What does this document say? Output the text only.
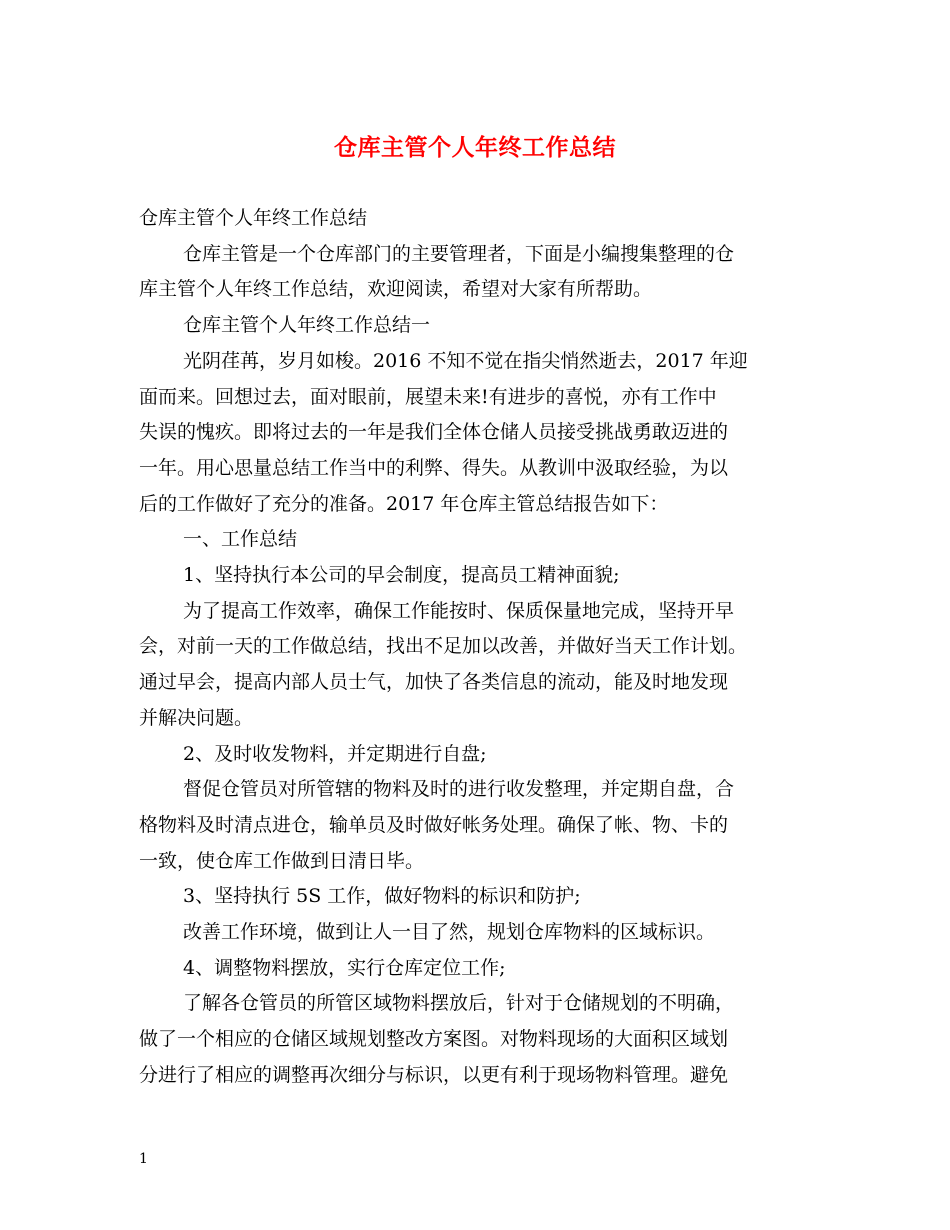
仓库主管个人年终工作总结

仓库主管个人年终工作总结

仓库主管是一个仓库部门的主要管理者，下面是小编搜集整理的仓
库主管个人年终工作总结，欢迎阅读，希望对大家有所帮助。

仓库主管个人年终工作总结一

光阴荏苒，岁月如梭。2016 不知不觉在指尖悄然逝去，2017 年迎
面而来。回想过去，面对眼前，展望未来!有进步的喜悦，亦有工作中
失误的愧疚。即将过去的一年是我们全体仓储人员接受挑战勇敢迈进的
一年。用心思量总结工作当中的利弊、得失。从教训中汲取经验，为以
后的工作做好了充分的准备。2017 年仓库主管总结报告如下：

一、工作总结

1、坚持执行本公司的早会制度，提高员工精神面貌;

为了提高工作效率，确保工作能按时、保质保量地完成，坚持开早
会，对前一天的工作做总结，找出不足加以改善，并做好当天工作计划。
通过早会，提高内部人员士气，加快了各类信息的流动，能及时地发现
并解决问题。

2、及时收发物料，并定期进行自盘;

督促仓管员对所管辖的物料及时的进行收发整理，并定期自盘，合
格物料及时清点进仓，输单员及时做好帐务处理。确保了帐、物、卡的
一致，使仓库工作做到日清日毕。

3、坚持执行 5S 工作，做好物料的标识和防护;

改善工作环境，做到让人一目了然，规划仓库物料的区域标识。

4、调整物料摆放，实行仓库定位工作;

了解各仓管员的所管区域物料摆放后，针对于仓储规划的不明确，
做了一个相应的仓储区域规划整改方案图。对物料现场的大面积区域划
分进行了相应的调整再次细分与标识，以更有利于现场物料管理。避免

1
